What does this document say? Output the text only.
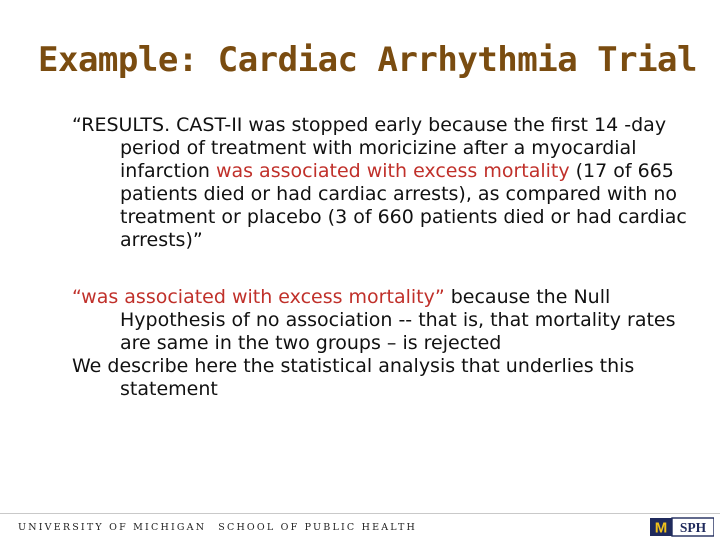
Example: Cardiac Arrhythmia Trial

“RESULTS. CAST-II was stopped early because the first 14 -day period of treatment with moricizine after a myocardial infarction was associated with excess mortality (17 of 665 patients died or had cardiac arrests), as compared with no treatment or placebo (3 of 660 patients died or had cardiac arrests)”

“was associated with excess mortality” because the Null Hypothesis of no association -- that is, that mortality rates are same in the two groups – is rejected

We describe here the statistical analysis that underlies this statement

UNIVERSITY OF MICHIGAN SCHOOL OF PUBLIC HEALTH	M SPH
